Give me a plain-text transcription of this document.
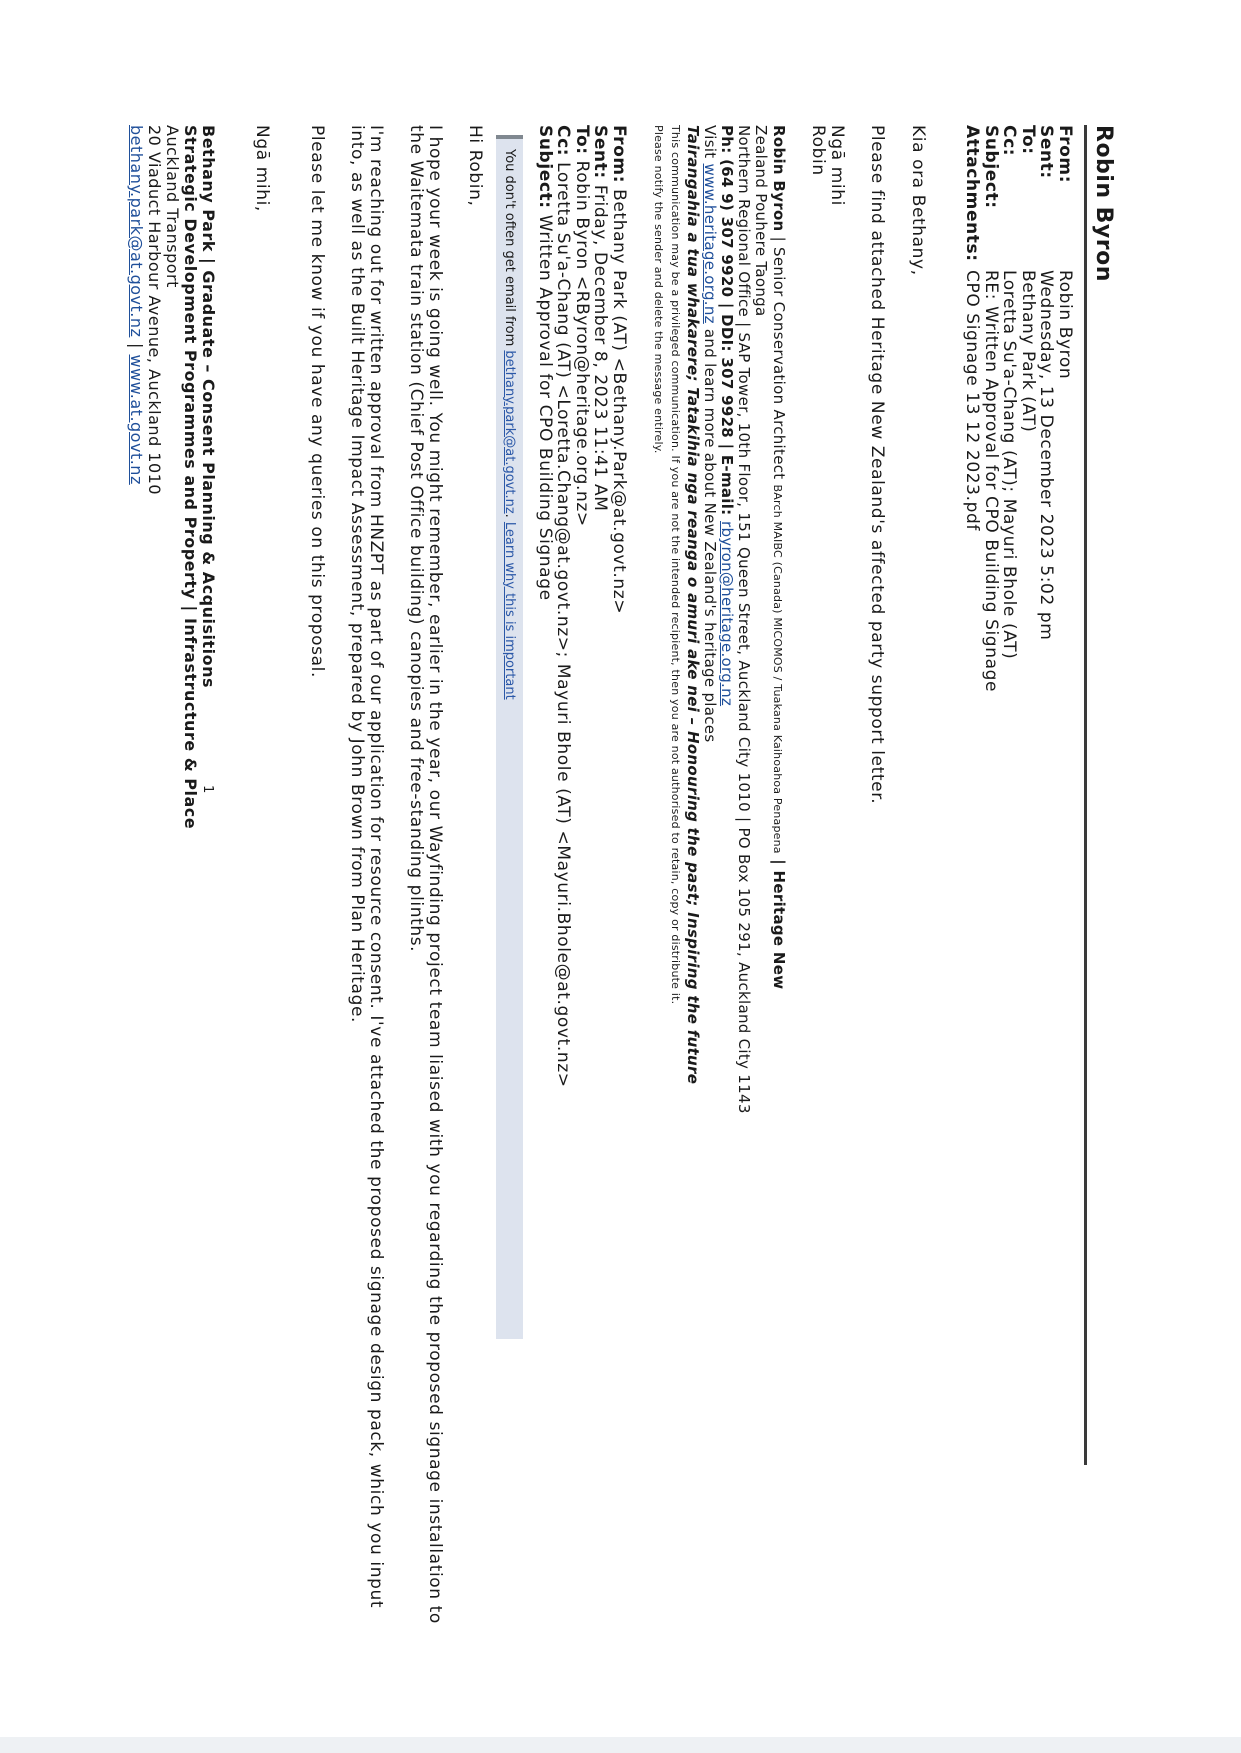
Robin Byron
From:
Robin Byron
Sent:
Wednesday, 13 December 2023 5:02 pm
To:
Bethany Park (AT)
Cc:
Loretta Su'a-Chang (AT); Mayuri Bhole (AT)
Subject:
RE: Written Approval for CPO Building Signage
Attachments:
CPO Signage 13 12 2023.pdf

Kia ora Bethany,

Please find attached Heritage New Zealand's affected party support letter.

Ngā mihi

Robin

Robin Byron | Senior Conservation Architect BArch MAIBC (Canada) MICOMOS / Tuakana Kaihoahoa Penapena | Heritage New
Zealand Pouhere Taonga
Northern Regional Office | SAP Tower, 10th Floor, 151 Queen Street, Auckland City 1010 | PO Box 105 291, Auckland City 1143
Ph: (64 9) 307 9920 | DDI: 307 9928 | E-mail: rbyron@heritage.org.nz
Visit www.heritage.org.nz and learn more about New Zealand's heritage places
Tairangahia a tua whakarere; Tatakihia nga reanga o amuri ake nei – Honouring the past; Inspiring the future
This communication may be a privileged communication. If you are not the intended recipient, then you are not authorised to retain, copy or distribute it.
Please notify the sender and delete the message entirely.
From: Bethany Park (AT) <Bethany.Park@at.govt.nz>
Sent: Friday, December 8, 2023 11:41 AM
To: Robin Byron <RByron@heritage.org.nz>
Cc: Loretta Su'a-Chang (AT) <Loretta.Chang@at.govt.nz>; Mayuri Bhole (AT) <Mayuri.Bhole@at.govt.nz>
Subject: Written Approval for CPO Building Signage
You don't often get email from bethany.park@at.govt.nz. Learn why this is important

Hi Robin,

I hope your week is going well. You might remember, earlier in the year, our Wayfinding project team liaised with you regarding the proposed signage installation to the Waitemata train station (Chief Post Office building) canopies and free-standing plinths.

I'm reaching out for written approval from HNZPT as part of our application for resource consent. I've attached the proposed signage design pack, which you input into, as well as the Built Heritage Impact Assessment, prepared by John Brown from Plan Heritage.

Please let me know if you have any queries on this proposal.

Ngā mihi,

Bethany Park | Graduate – Consent Planning & Acquisitions
Strategic Development Programmes and Property | Infrastructure & Place
Auckland Transport
20 Viaduct Harbour Avenue, Auckland 1010
bethany.park@at.govt.nz | www.at.govt.nz
1
